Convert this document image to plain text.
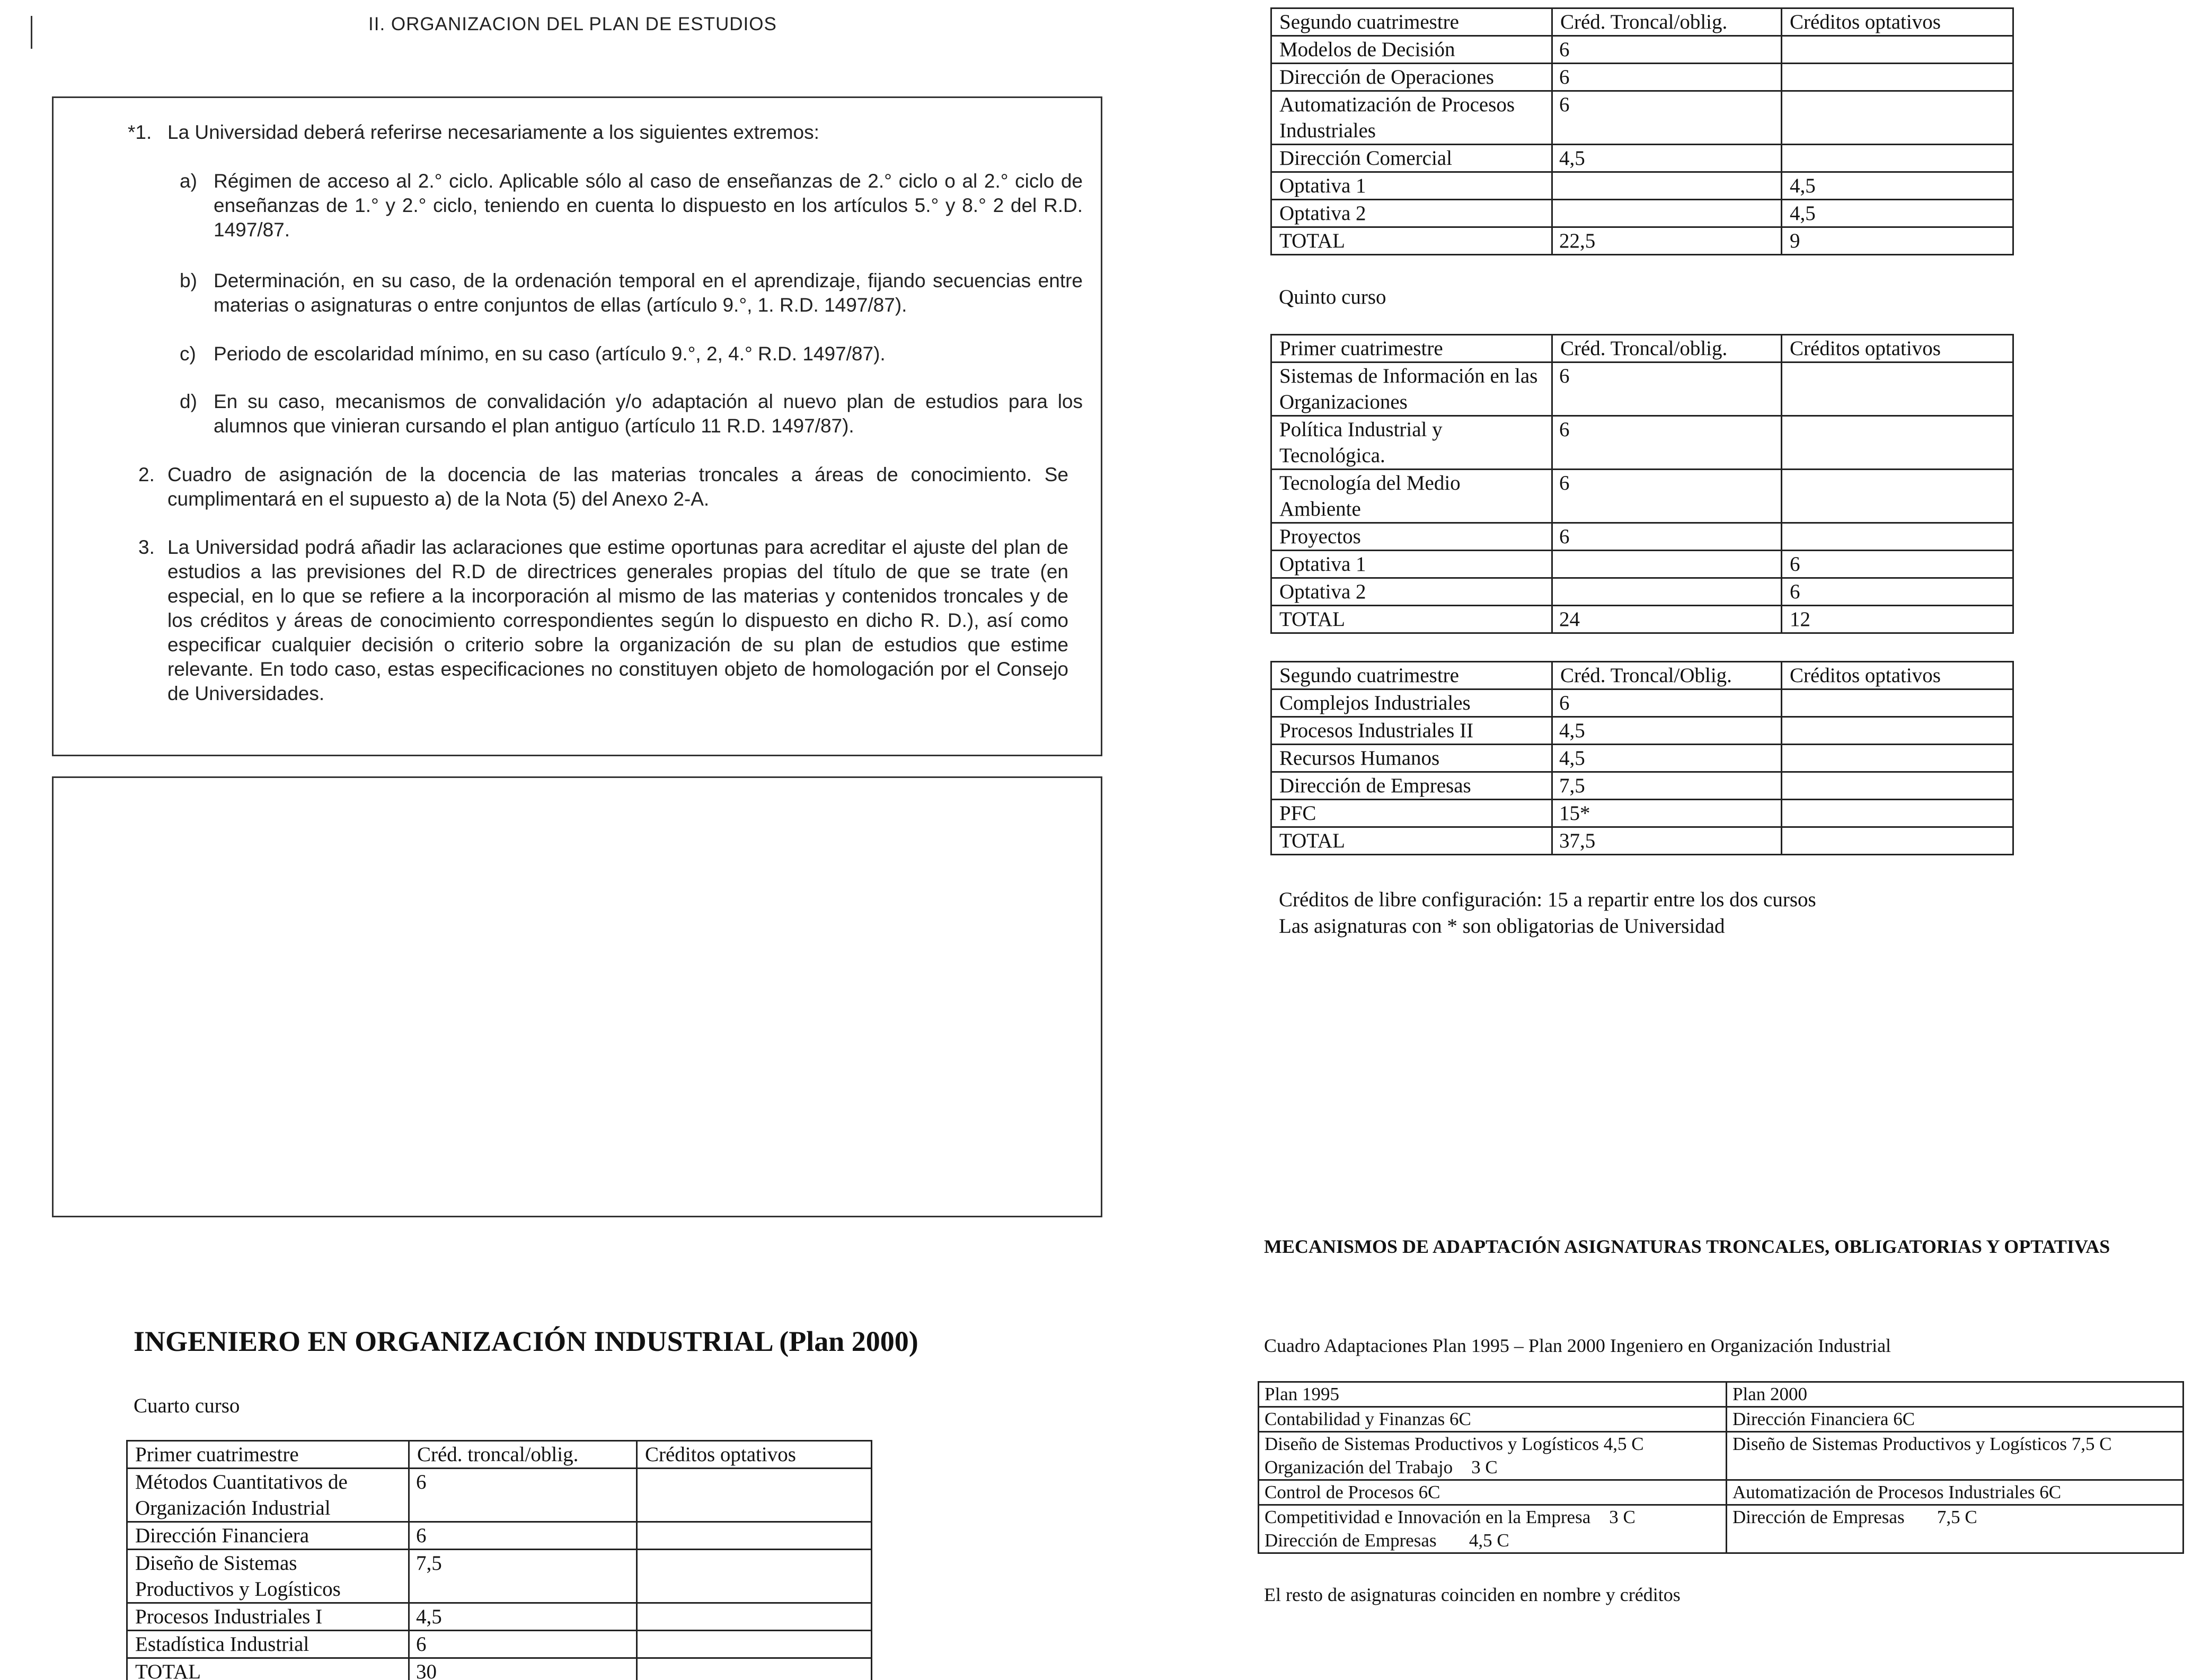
II. ORGANIZACION DEL PLAN DE ESTUDIOS
*1. La Universidad deberá referirse necesariamente a los siguientes extremos:
a) Régimen de acceso al 2.° ciclo. Aplicable sólo al caso de enseñanzas de 2.° ciclo o al 2.° ciclo de enseñanzas de 1.° y 2.° ciclo, teniendo en cuenta lo dispuesto en los artículos 5.° y 8.° 2 del R.D. 1497/87.
b) Determinación, en su caso, de la ordenación temporal en el aprendizaje, fijando secuencias entre materias o asignaturas o entre conjuntos de ellas (artículo 9.°, 1. R.D. 1497/87).
c) Periodo de escolaridad mínimo, en su caso (artículo 9.°, 2, 4.° R.D. 1497/87).
d) En su caso, mecanismos de convalidación y/o adaptación al nuevo plan de estudios para los alumnos que vinieran cursando el plan antiguo (artículo 11 R.D. 1497/87).
2. Cuadro de asignación de la docencia de las materias troncales a áreas de conocimiento. Se cumplimentará en el supuesto a) de la Nota (5) del Anexo 2-A.
3. La Universidad podrá añadir las aclaraciones que estime oportunas para acreditar el ajuste del plan de estudios a las previsiones del R.D de directrices generales propias del título de que se trate (en especial, en lo que se refiere a la incorporación al mismo de las materias y contenidos troncales y de los créditos y áreas de conocimiento correspondientes según lo dispuesto en dicho R. D.), así como especificar cualquier decisión o criterio sobre la organización de su plan de estudios que estime relevante. En todo caso, estas especificaciones no constituyen objeto de homologación por el Consejo de Universidades.
INGENIERO EN ORGANIZACIÓN INDUSTRIAL (Plan 2000)
Cuarto curso
Primer cuatrimestre	Créd. troncal/oblig.	Créditos optativos
Métodos Cuantitativos de Organización Industrial	6	
Dirección Financiera	6	
Diseño de Sistemas Productivos y Logísticos	7,5	
Procesos Industriales I	4,5	
Estadística Industrial	6	
TOTAL	30	
Segundo cuatrimestre	Créd. Troncal/oblig.	Créditos optativos
Modelos de Decisión	6	
Dirección de Operaciones	6	
Automatización de Procesos Industriales	6	
Dirección Comercial	4,5	
Optativa 1		4,5
Optativa 2		4,5
TOTAL	22,5	9
Quinto curso
Primer cuatrimestre	Créd. Troncal/oblig.	Créditos optativos
Sistemas de Información en las Organizaciones	6	
Política Industrial y Tecnológica.	6	
Tecnología del Medio Ambiente	6	
Proyectos	6	
Optativa 1		6
Optativa 2		6
TOTAL	24	12
Segundo cuatrimestre	Créd. Troncal/Oblig.	Créditos optativos
Complejos Industriales	6	
Procesos Industriales II	4,5	
Recursos Humanos	4,5	
Dirección de Empresas	7,5	
PFC	15*	
TOTAL	37,5	
Créditos de libre configuración: 15 a repartir entre los dos cursos
Las asignaturas con * son obligatorias de Universidad
MECANISMOS DE ADAPTACIÓN ASIGNATURAS TRONCALES, OBLIGATORIAS Y OPTATIVAS
Cuadro Adaptaciones Plan 1995 – Plan 2000 Ingeniero en Organización Industrial
Plan 1995	Plan 2000

Contabilidad y Finanzas 6C	Dirección Financiera 6C

Diseño de Sistemas Productivos y Logísticos 4,5 C
Organización del Trabajo    3 C	Diseño de Sistemas Productivos y Logísticos 7,5 C

Control de Procesos 6C	Automatización de Procesos Industriales 6C

Competitividad e Innovación en la Empresa    3 C
Dirección de Empresas       4,5 C	Dirección de Empresas       7,5 C
El resto de asignaturas coinciden en nombre y créditos
